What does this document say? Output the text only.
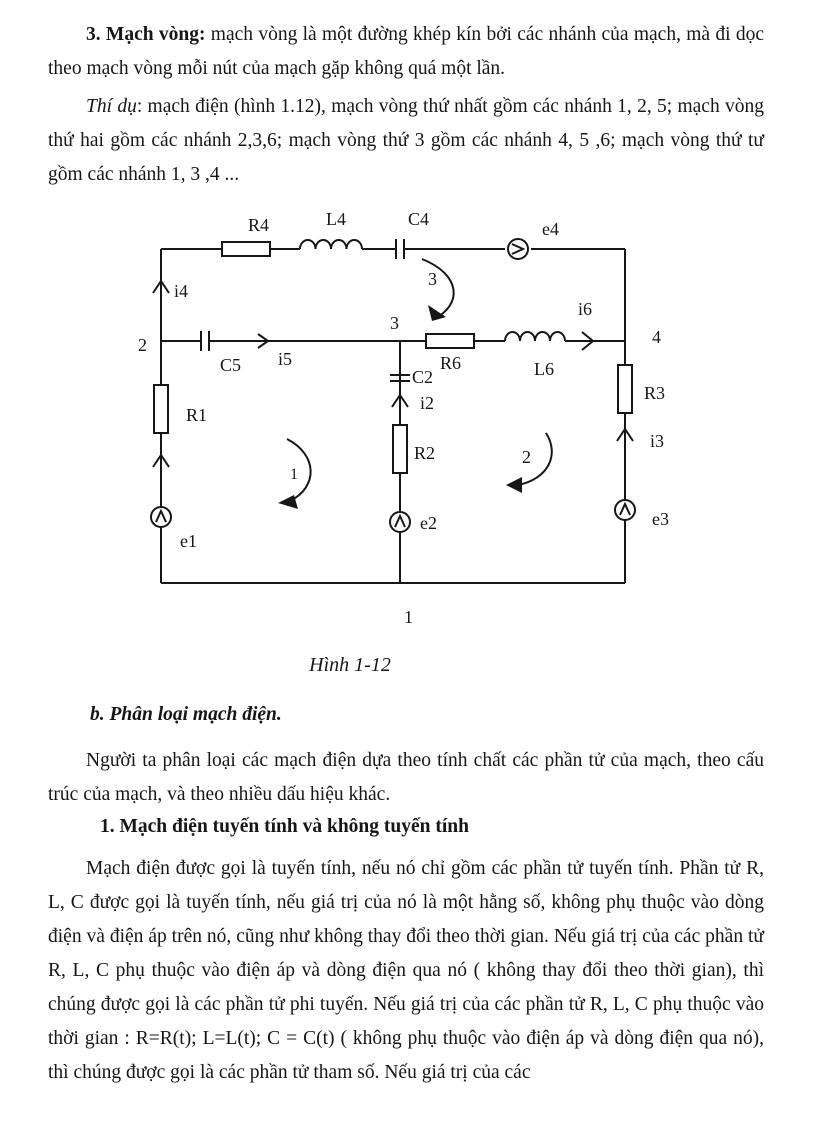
3. Mạch vòng: mạch vòng là một đường khép kín bởi các nhánh của mạch, mà đi dọc theo mạch vòng mỗi nút của mạch gặp không quá một lần.

Thí dụ: mạch điện (hình 1.12), mạch vòng thứ nhất gồm các nhánh 1, 2, 5; mạch vòng thứ hai gồm các nhánh 2,3,6; mạch vòng thứ 3 gồm các nhánh 4, 5 ,6; mạch vòng thứ tư gồm các nhánh 1, 3 ,4 ...

R4	L4	C4	e4
i4
i6
C5 i5	R6	L6
R3
i3
R1
C2
i2
R2
e1
e2	e3
2
3
4
1
3
1
2
Hình 1-12

b. Phân loại mạch điện.

Người ta phân loại các mạch điện dựa theo tính chất các phần tử của mạch, theo cấu trúc của mạch, và theo nhiều dấu hiệu khác.

1. Mạch điện tuyến tính và không tuyến tính

Mạch điện được gọi là tuyến tính, nếu nó chỉ gồm các phần tử tuyến tính. Phần tử R, L, C được gọi là tuyến tính, nếu giá trị của nó là một hằng số, không phụ thuộc vào dòng điện và điện áp trên nó, cũng như không thay đổi theo thời gian. Nếu giá trị của các phần tử R, L, C phụ thuộc vào điện áp và dòng điện qua nó ( không thay đổi theo thời gian), thì chúng được gọi là các phần tử phi tuyến. Nếu giá trị của các phần tử R, L, C phụ thuộc vào thời gian : R=R(t); L=L(t); C = C(t) ( không phụ thuộc vào điện áp và dòng điện qua nó), thì chúng được gọi là các phần tử tham số. Nếu giá trị của các
